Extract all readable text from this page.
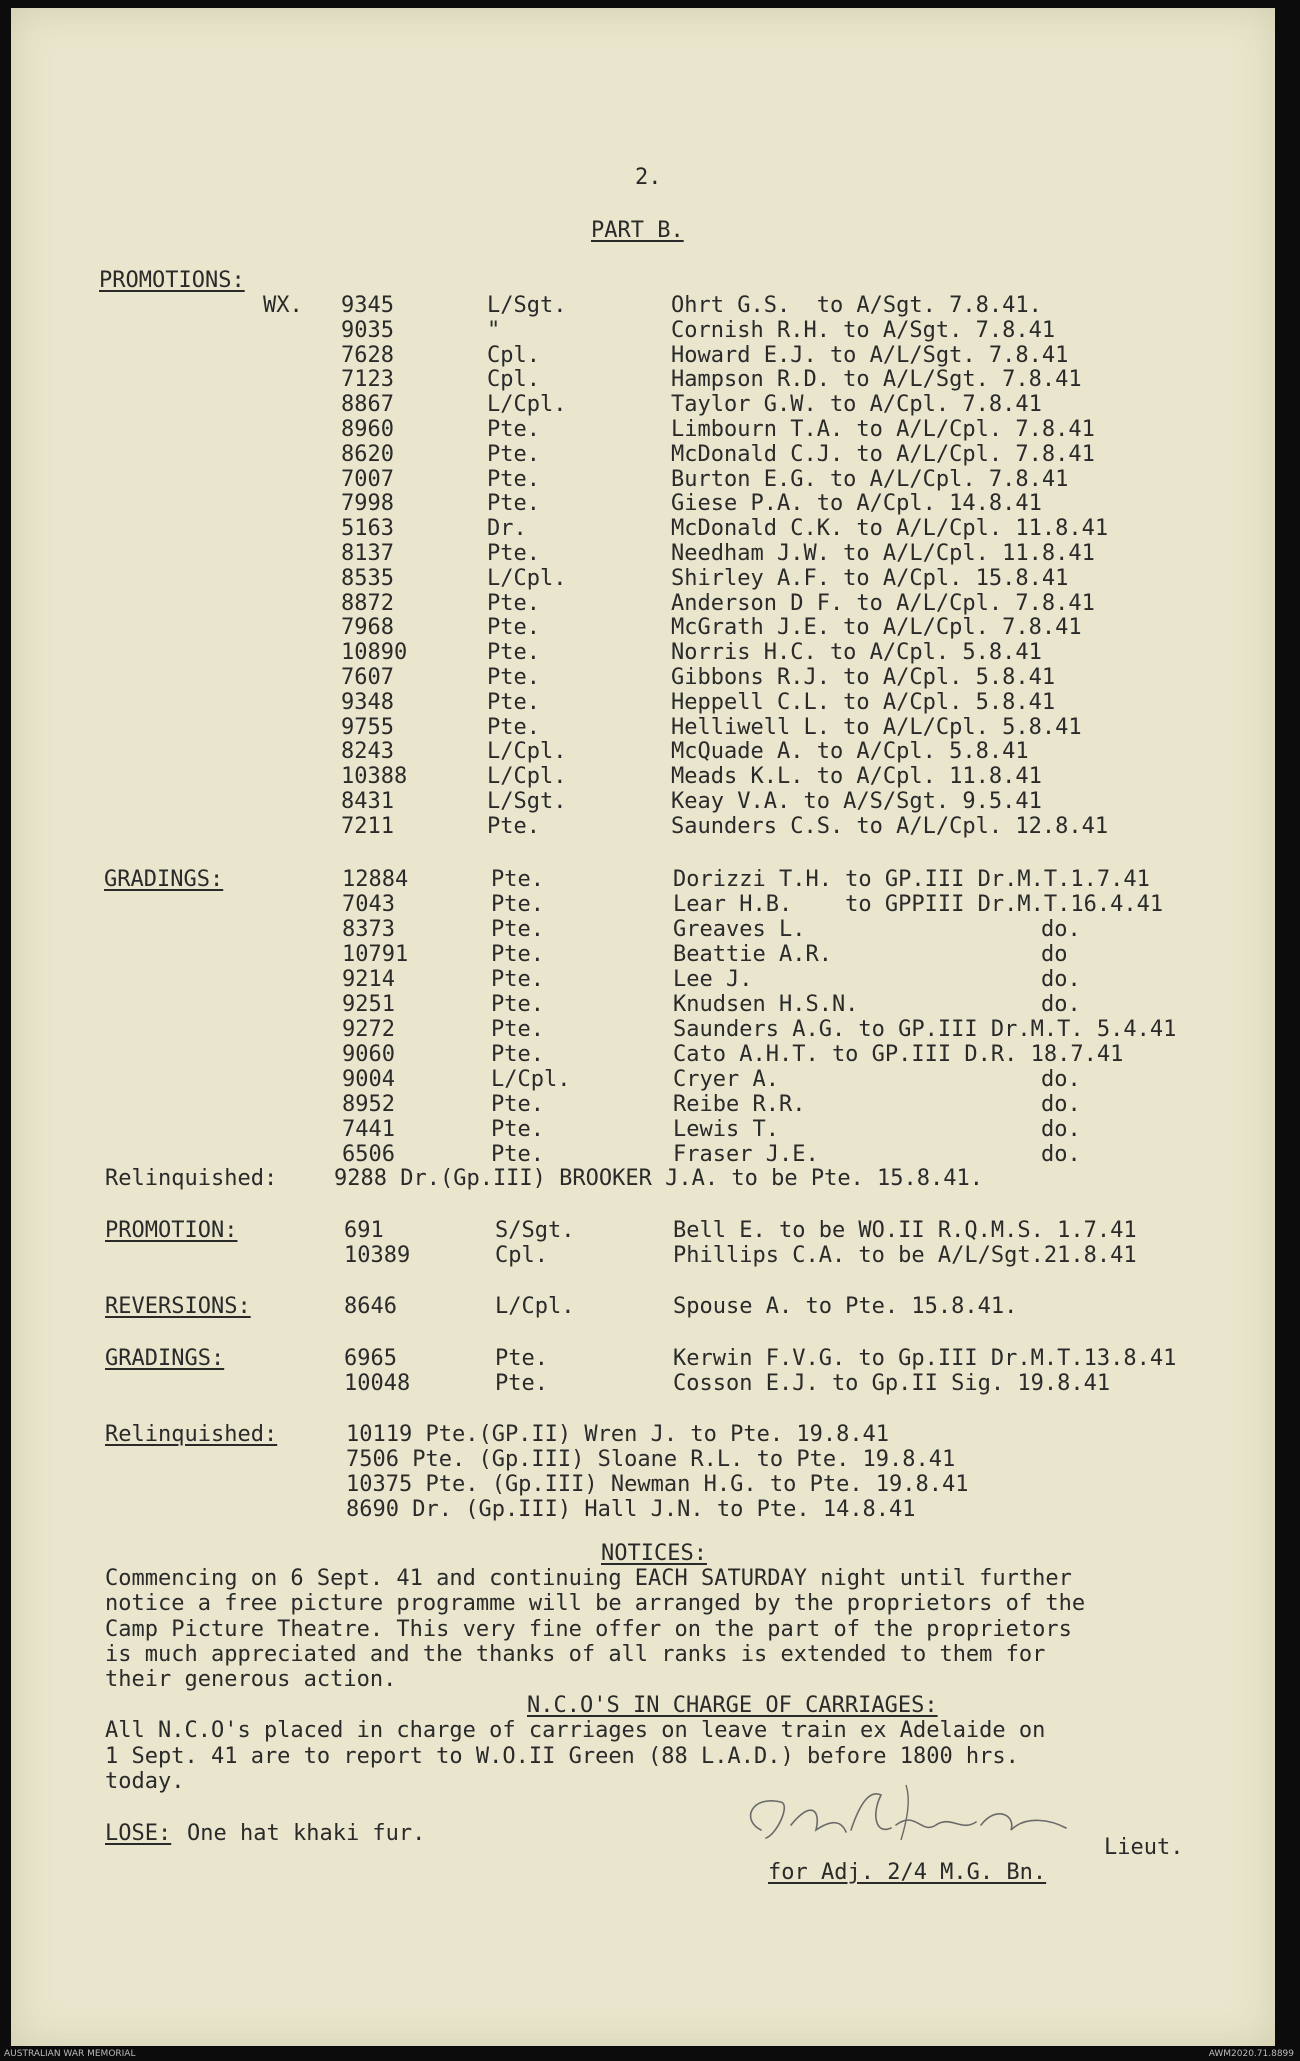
2.
PART B.
PROMOTIONS:
WX. 9345	L/Sgt.	Ohrt G.S.  to A/Sgt. 7.8.41.
9035	"	Cornish R.H. to A/Sgt. 7.8.41
7628	Cpl.	Howard E.J. to A/L/Sgt. 7.8.41
7123	Cpl.	Hampson R.D. to A/L/Sgt. 7.8.41
8867	L/Cpl.	Taylor G.W. to A/Cpl. 7.8.41
8960	Pte.	Limbourn T.A. to A/L/Cpl. 7.8.41
8620	Pte.	McDonald C.J. to A/L/Cpl. 7.8.41
7007	Pte.	Burton E.G. to A/L/Cpl. 7.8.41
7998	Pte.	Giese P.A. to A/Cpl. 14.8.41
5163	Dr.	McDonald C.K. to A/L/Cpl. 11.8.41
8137	Pte.	Needham J.W. to A/L/Cpl. 11.8.41
8535	L/Cpl.	Shirley A.F. to A/Cpl. 15.8.41
8872	Pte.	Anderson D F. to A/L/Cpl. 7.8.41
7968	Pte.	McGrath J.E. to A/L/Cpl. 7.8.41
10890	Pte.	Norris H.C. to A/Cpl. 5.8.41
7607	Pte.	Gibbons R.J. to A/Cpl. 5.8.41
9348	Pte.	Heppell C.L. to A/Cpl. 5.8.41
9755	Pte.	Helliwell L. to A/L/Cpl. 5.8.41
8243	L/Cpl.	McQuade A. to A/Cpl. 5.8.41
10388	L/Cpl.	Meads K.L. to A/Cpl. 11.8.41
8431	L/Sgt.	Keay V.A. to A/S/Sgt. 9.5.41
7211	Pte.	Saunders C.S. to A/L/Cpl. 12.8.41
GRADINGS:	12884	Pte.	Dorizzi T.H. to GP.III Dr.M.T.1.7.41
7043	Pte.	Lear H.B.    to GPPIII Dr.M.T.16.4.41
8373	Pte.	Greaves L.	do.
10791	Pte.	Beattie A.R.	do
9214	Pte.	Lee J.	do.
9251	Pte.	Knudsen H.S.N.	do.
9272	Pte.	Saunders A.G. to GP.III Dr.M.T. 5.4.41
9060	Pte.	Cato A.H.T. to GP.III D.R. 18.7.41
9004	L/Cpl.	Cryer A.	do.
8952	Pte.	Reibe R.R.	do.
7441	Pte.	Lewis T.	do.
6506	Pte.	Fraser J.E.	do.
Relinquished:	9288 Dr.(Gp.III) BROOKER J.A. to be Pte. 15.8.41.
PROMOTION:	691	S/Sgt.	Bell E. to be WO.II R.Q.M.S. 1.7.41
10389	Cpl.	Phillips C.A. to be A/L/Sgt.21.8.41
REVERSIONS:	8646	L/Cpl.	Spouse A. to Pte. 15.8.41.
GRADINGS:	6965	Pte.	Kerwin F.V.G. to Gp.III Dr.M.T.13.8.41
10048	Pte.	Cosson E.J. to Gp.II Sig. 19.8.41
Relinquished:	10119 Pte.(GP.II) Wren J. to Pte. 19.8.41
7506 Pte. (Gp.III) Sloane R.L. to Pte. 19.8.41
10375 Pte. (Gp.III) Newman H.G. to Pte. 19.8.41
8690 Dr. (Gp.III) Hall J.N. to Pte. 14.8.41
NOTICES:
Commencing on 6 Sept. 41 and continuing EACH SATURDAY night until further
notice a free picture programme will be arranged by the proprietors of the
Camp Picture Theatre. This very fine offer on the part of the proprietors
is much appreciated and the thanks of all ranks is extended to them for
their generous action.
N.C.O'S IN CHARGE OF CARRIAGES:
All N.C.O's placed in charge of carriages on leave train ex Adelaide on
1 Sept. 41 are to report to W.O.II Green (88 L.A.D.) before 1800 hrs.
today.
LOSE: One hat khaki fur.
Lieut.
for Adj. 2/4 M.G. Bn.
AUSTRALIAN WAR MEMORIAL	AWM2020.71.8899
